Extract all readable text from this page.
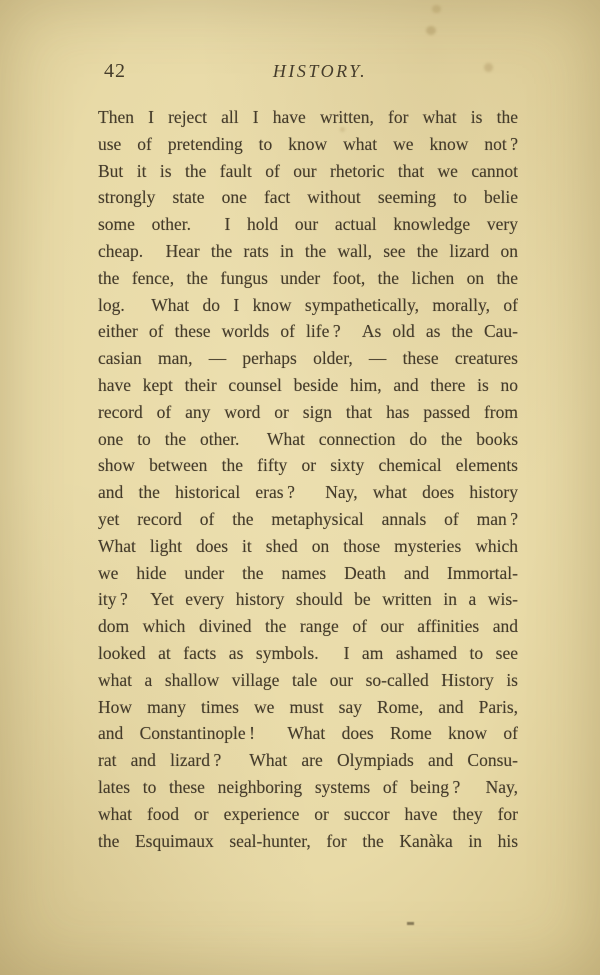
42	HISTORY.
Then I reject all I have written, for what is the
use of pretending to know what we know not ?
But it is the fault of our rhetoric that we cannot
strongly state one fact without seeming to belie
some other.  I hold our actual knowledge very
cheap.  Hear the rats in the wall, see the lizard on
the fence, the fungus under foot, the lichen on the
log.  What do I know sympathetically, morally, of
either of these worlds of life ?  As old as the Cau-
casian man, — perhaps older, — these creatures
have kept their counsel beside him, and there is no
record of any word or sign that has passed from
one to the other.  What connection do the books
show between the fifty or sixty chemical elements
and the historical eras ?  Nay, what does history
yet record of the metaphysical annals of man ?
What light does it shed on those mysteries which
we hide under the names Death and Immortal-
ity ?  Yet every history should be written in a wis-
dom which divined the range of our affinities and
looked at facts as symbols.  I am ashamed to see
what a shallow village tale our so-called History is
How many times we must say Rome, and Paris,
and Constantinople !  What does Rome know of
rat and lizard ?  What are Olympiads and Consu-
lates to these neighboring systems of being ?  Nay,
what food or experience or succor have they for
the Esquimaux seal-hunter, for the Kanàka in his
